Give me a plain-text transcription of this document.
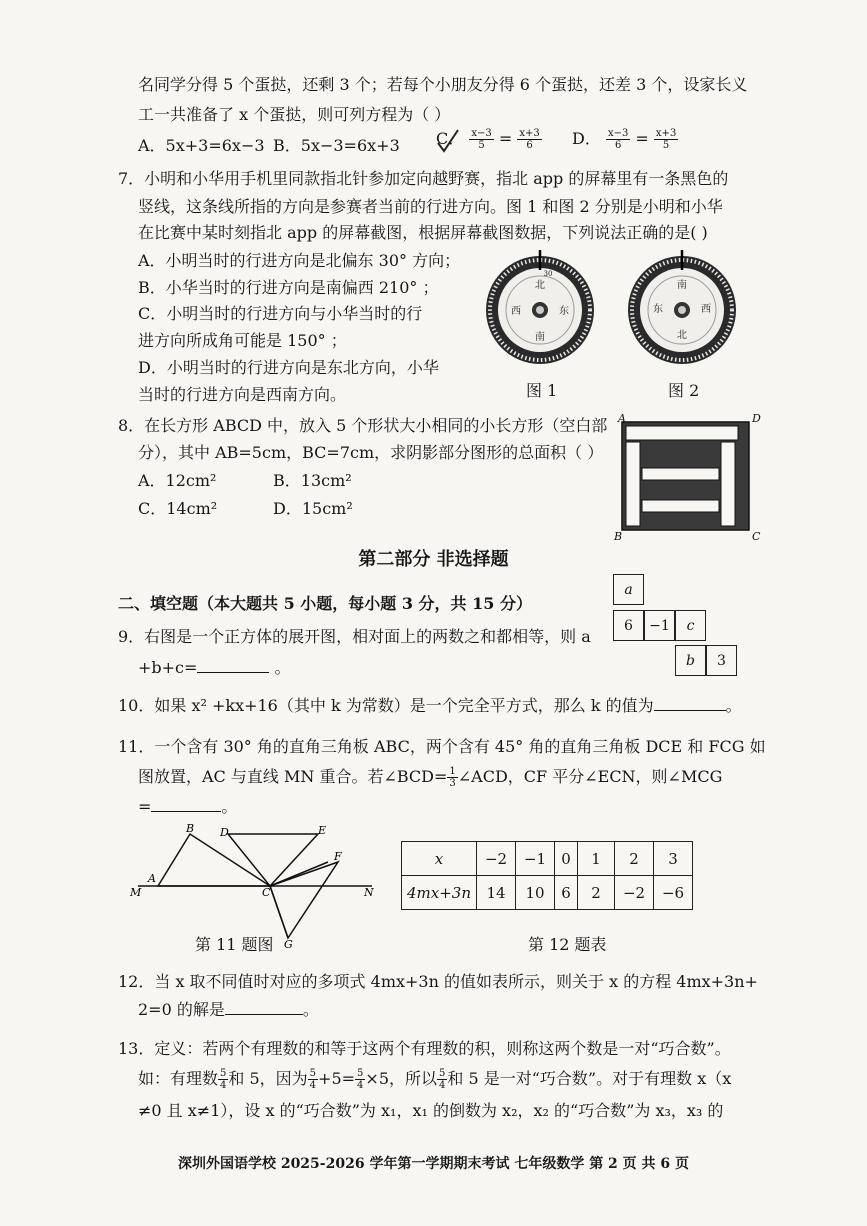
名同学分得 5 个蛋挞，还剩 3 个；若每个小朋友分得 6 个蛋挞，还差 3 个，设家长义
工一共准备了 x 个蛋挞，则可列方程为（ ）
A．5x+3=6x−3 B．5x−3=6x+3 C． $\frac{x-3}{5} = \frac{x+3}{6}$ D． $\frac{x-3}{6} = \frac{x+3}{5}$
7．小明和小华用手机里同款指北针参加定向越野赛，指北 app 的屏幕里有一条黑色的
竖线，这条线所指的方向是参赛者当前的行进方向。图 1 和图 2 分别是小明和小华
在比赛中某时刻指北 app 的屏幕截图，根据屏幕截图数据，下列说法正确的是( )
A．小明当时的行进方向是北偏东 30° 方向；
B．小华当时的行进方向是南偏西 210° ；
C．小明当时的行进方向与小华当时的行
进方向所成角可能是 150° ；
D．小明当时的行进方向是东北方向，小华
当时的行进方向是西南方向。
北
东
南
西
30
图 1
北
东
南
西
图 2
8．在长方形 ABCD 中，放入 5 个形状大小相同的小长方形（空白部
分），其中 AB=5cm，BC=7cm，求阴影部分图形的总面积（ ）
A．12cm²	B．13cm²
C．14cm²	D．15cm²
A	D
B	C
第二部分 非选择题
二、填空题（本大题共 5 小题，每小题 3 分，共 15 分）
9．右图是一个正方体的展开图，相对面上的两数之和都相等，则 a
+b+c=	。
a
6	−1	c
b	3
10．如果 x² +kx+16（其中 k 为常数）是一个完全平方式，那么 k 的值为	。
11．一个含有 30° 角的直角三角板 ABC，两个含有 45° 角的直角三角板 DCE 和 FCG 如
图放置，AC 与直线 MN 重合。若∠BCD= $\frac{1}{3}$ ∠ACD，CF 平分∠ECN，则∠MCG
=	。
M
A
B D	E
C
F
N
G
第 11 题图
x	−2	−1	0	1	2	3
4mx+3n	14	10	6	2	−2	−6
第 12 题表
12．当 x 取不同值时对应的多项式 4mx+3n 的值如表所示，则关于 x 的方程 4mx+3n+
2=0 的解是	。
13．定义：若两个有理数的和等于这两个有理数的积，则称这两个数是一对“巧合数”。
如：有理数 $\frac{5}{4}$ 和 5，因为 $\frac{5}{4} +5= \frac{5}{4} \times 5$，所以 $\frac{5}{4}$ 和 5 是一对“巧合数”。对于有理数 x（x
≠0 且 x≠1），设 x 的“巧合数”为 x₁，x₁ 的倒数为 x₂，x₂ 的“巧合数”为 x₃，x₃ 的
深圳外国语学校 2025-2026 学年第一学期期末考试 七年级数学 第 2 页 共 6 页
